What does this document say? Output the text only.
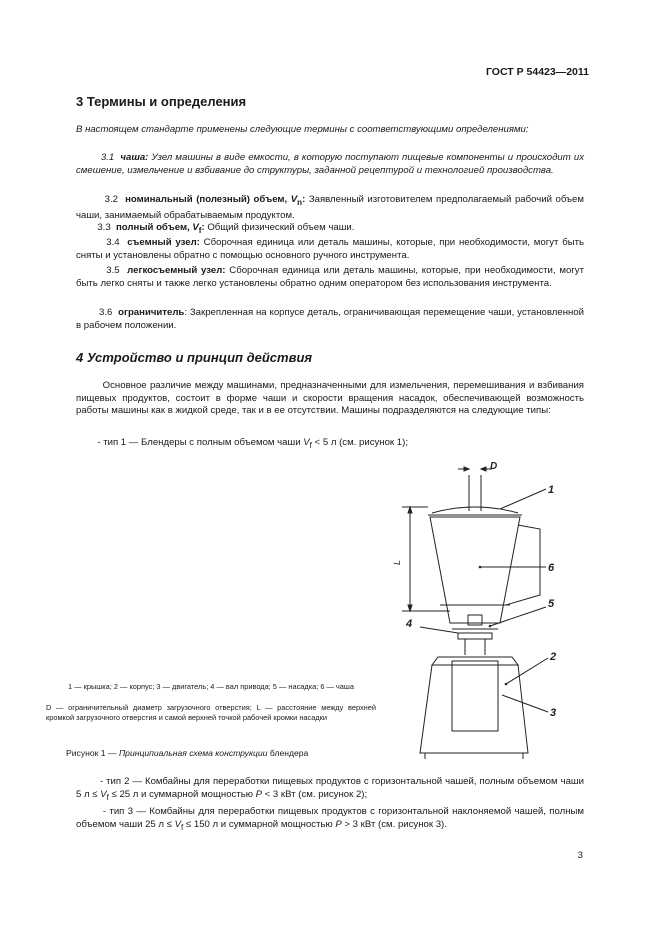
ГОСТ Р 54423—2011
3 Термины и определения

В настоящем стандарте применены следующие термины с соответствующими определениями:

3.1 чаша: Узел машины в виде емкости, в которую поступают пищевые компоненты и происходит их смешение, измельчение и взбивание до структуры, заданной рецептурой и технологией производства.

3.2 номинальный (полезный) объем, $V_n$: Заявленный изготовителем предполагаемый рабочий объем чаши, занимаемый обрабатываемым продуктом.

3.3 полный объем, $V_f$: Общий физический объем чаши.

3.4 съемный узел: Сборочная единица или деталь машины, которые, при необходимости, могут быть сняты и установлены обратно с помощью основного ручного инструмента.

3.5 легкосъемный узел: Сборочная единица или деталь машины, которые, при необходимости, могут быть легко сняты и также легко установлены обратно одним оператором без использования инструмента.

3.6 ограничитель: Закрепленная на корпусе деталь, ограничивающая перемещение чаши, установленной в рабочем положении.

4 Устройство и принцип действия

Основное различие между машинами, предназначенными для измельчения, перемешивания и взбивания пищевых продуктов, состоит в форме чаши и скорости вращения насадок, обеспечивающей возможность работы машины как в жидкой среде, так и в ее отсутствии. Машины подразделяются на следующие типы:

- тип 1 — Блендеры с полным объемом чаши $V_f < 5$ л (см. рисунок 1);

D
L
1
2
3
4
5
6
1 — крышка; 2 — корпус; 3 — двигатель; 4 — вал привода; 5 — насадка; 6 — чаша
D — ограничительный диаметр загрузочного отверстия; L — расстояние между верхней кромкой загрузочного отверстия и самой верхней точкой рабочей кромки насадки
Рисунок 1 — Принципиальная схема конструкции блендера

- тип 2 — Комбайны для переработки пищевых продуктов с горизонтальной чашей, полным объемом чаши 5 $л \le V_f \le 25$ л и суммарной мощностью P < 3 кВт (см. рисунок 2);

- тип 3 — Комбайны для переработки пищевых продуктов с горизонтальной наклоняемой чашей, полным объемом чаши 25 $л \le V_f \le 150$ л и суммарной мощностью P > 3 кВт (см. рисунок 3).

3
